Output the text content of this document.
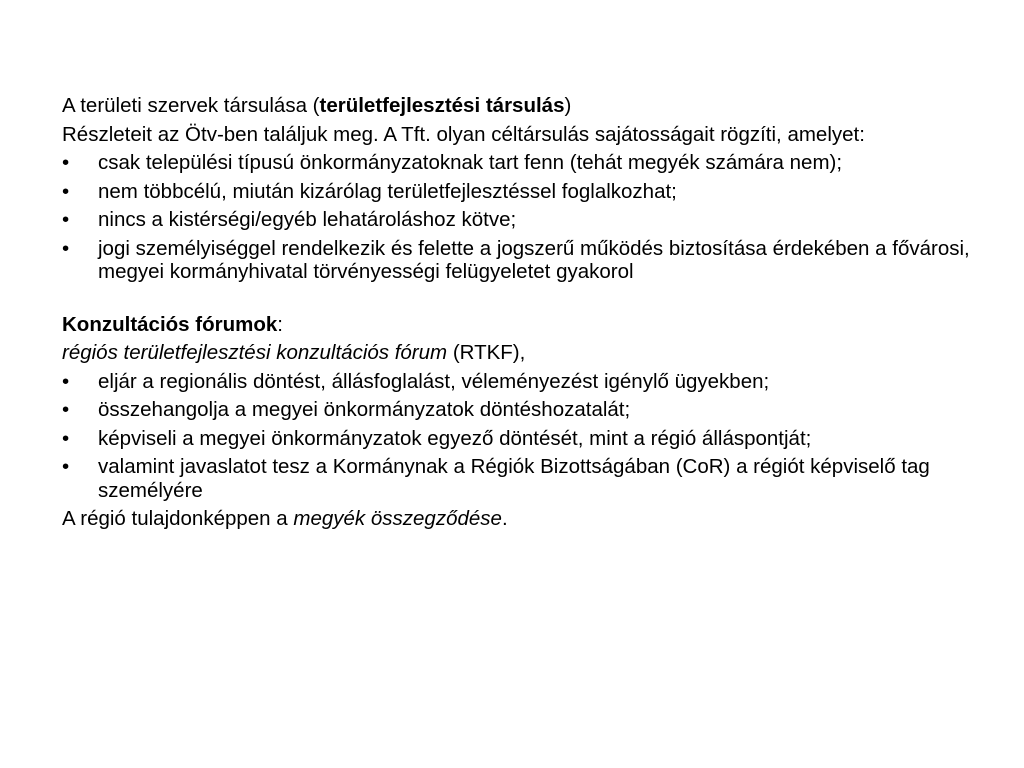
A területi szervek társulása (területfejlesztési társulás)
Részleteit az Ötv-ben találjuk meg. A Tft. olyan céltársulás sajátosságait rögzíti, amelyet:
•	csak települési típusú önkormányzatoknak tart fenn (tehát megyék számára nem);
•	nem többcélú, miután kizárólag területfejlesztéssel foglalkozhat;
•	nincs a kistérségi/egyéb lehatároláshoz kötve;
•	jogi személyiséggel rendelkezik és felette a jogszerű működés biztosítása érdekében a fővárosi, megyei kormányhivatal törvényességi felügyeletet gyakorol
Konzultációs fórumok:
régiós területfejlesztési konzultációs fórum (RTKF),
•	eljár a regionális döntést, állásfoglalást, véleményezést igénylő ügyekben;
•	összehangolja a megyei önkormányzatok döntéshozatalát;
•	képviseli a megyei önkormányzatok egyező döntését, mint a régió álláspontját;
•	valamint javaslatot tesz a Kormánynak a Régiók Bizottságában (CoR) a régiót képviselő tag személyére
A régió tulajdonképpen a megyék összegződése.
